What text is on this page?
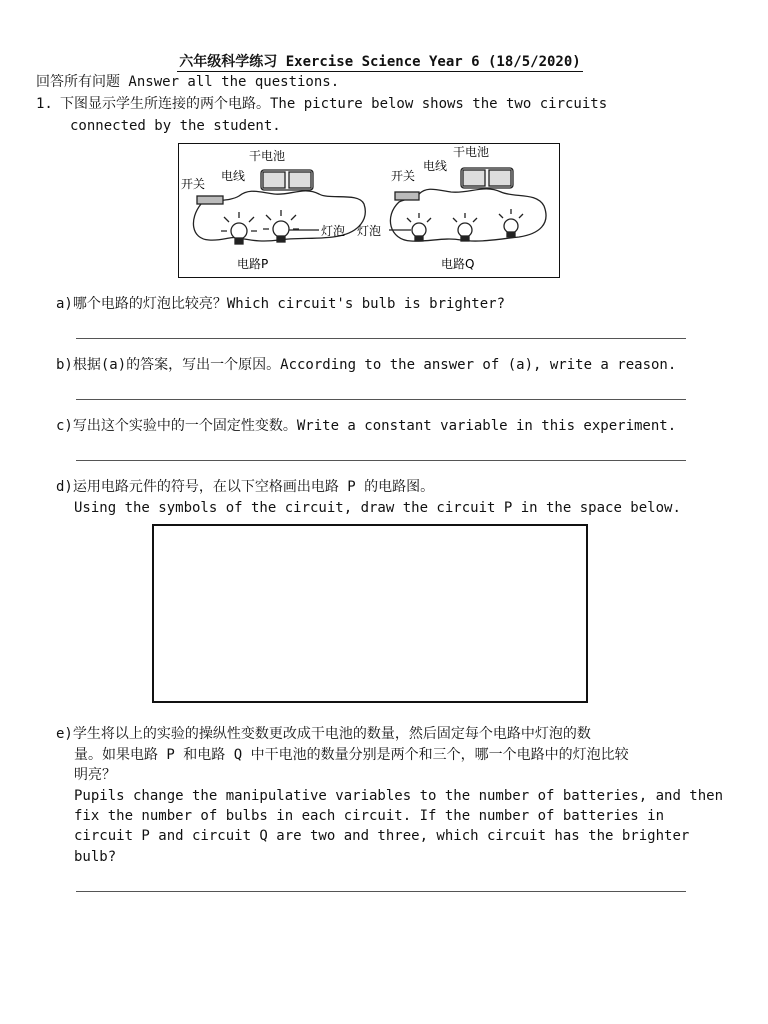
六年级科学练习 Exercise Science Year 6 (18/5/2020)
回答所有问题 Answer all the questions.
1. 下图显示学生所连接的两个电路。The picture below shows the two circuits
connected by the student.
干电池
电线
开关
灯泡
电路P
干电池
电线
开关
灯泡
电路Q
a)哪个电路的灯泡比较亮？Which circuit's bulb is brighter?
b)根据(a)的答案，写出一个原因。According to the answer of (a), write a reason.
c)写出这个实验中的一个固定性变数。Write a constant variable in this experiment.
d)运用电路元件的符号，在以下空格画出电路 P 的电路图。
Using the symbols of the circuit, draw the circuit P in the space below.
e)学生将以上的实验的操纵性变数更改成干电池的数量，然后固定每个电路中灯泡的数
量。如果电路 P 和电路 Q 中干电池的数量分别是两个和三个，哪一个电路中的灯泡比较
明亮？
Pupils change the manipulative variables to the number of batteries, and then
fix the number of bulbs in each circuit. If the number of batteries in
circuit P and circuit Q are two and three, which circuit has the brighter
bulb?
